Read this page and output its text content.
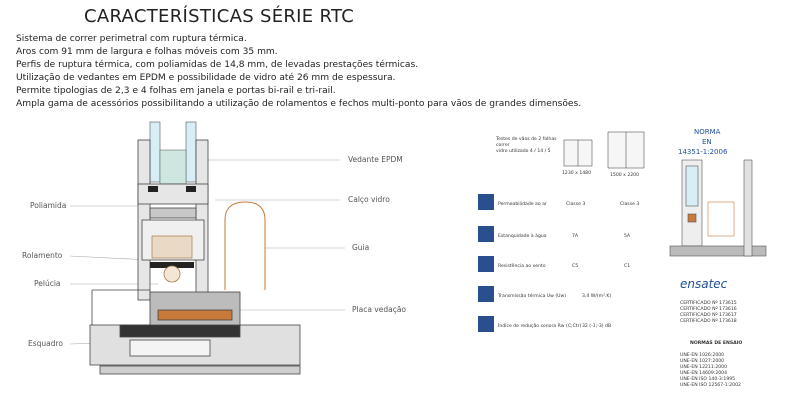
CARACTERÍSTICAS SÉRIE RTC
Sistema de correr perimetral com ruptura térmica.
Aros com 91 mm de largura e folhas móveis com 35 mm.
Perfis de ruptura térmica, com poliamidas de 14,8 mm, de levadas prestações térmicas.
Utilização de vedantes em EPDM e possibilidade de vidro até 26 mm de espessura.
Permite tipologias de 2,3 e 4 folhas em janela e portas bi-rail e tri-rail.
Ampla gama de acessórios possibilitando a utilização de rolamentos e fechos multi-ponto para vãos de grandes dimensões.
Poliamida
Rolamento
Pelúcia
Esquadro
Vedante EPDM
Calço vidro
Guia
Placa vedação
Testes de vãos de 2 folhas correr vidro utilizado 4 / 14 / 5
1230 x 1480	1500 x 2200
Permeabilidade ao ar	Classe 3	Classe 3
Estanquidade à água	7A	5A
Resistência ao vento	C5	C1
Transmissão térmica Uw (Uw)	3,4 W/(m².K)
Índice de redução sonora Rw (C;Ctr) 32 (-1;-3) dB
NORMA
EN
14351-1:2006
ensatec
CERTIFICADO Nº 173615
CERTIFICADO Nº 173616
CERTIFICADO Nº 173617
CERTIFICADO Nº 173618
NORMAS DE ENSAIO
UNE-EN 1026:2000
UNE-EN 1027:2000
UNE-EN 12211:2000
UNE-EN 14609:2004
UNE-EN ISO 140-3:1995
UNE-EN ISO 12567-1:2002
